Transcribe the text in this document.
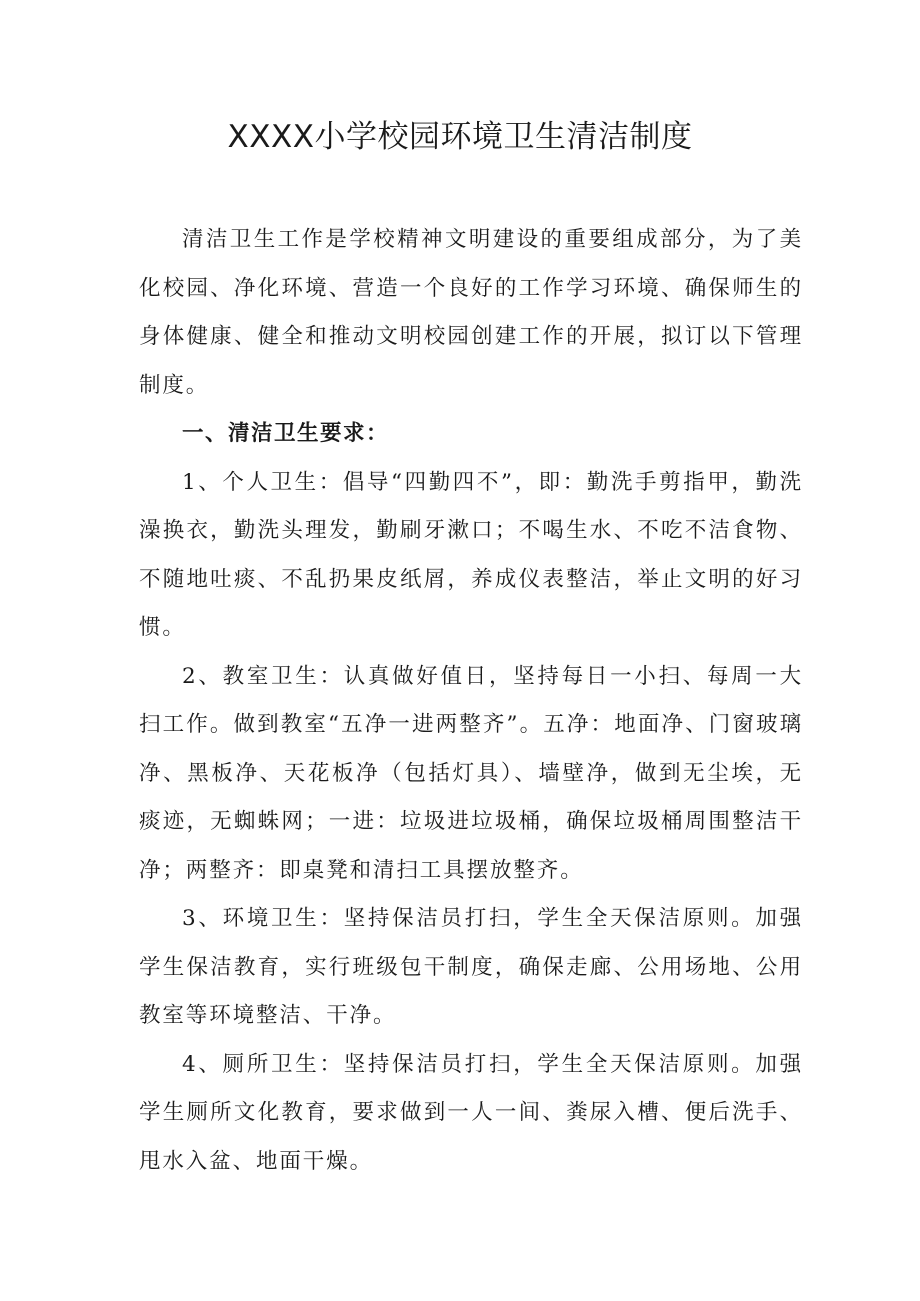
XXXX小学校园环境卫生清洁制度

清洁卫生工作是学校精神文明建设的重要组成部分，为了美化校园、净化环境、营造一个良好的工作学习环境、确保师生的身体健康、健全和推动文明校园创建工作的开展，拟订以下管理制度。

一、清洁卫生要求：

1、个人卫生：倡导“四勤四不”，即：勤洗手剪指甲，勤洗澡换衣，勤洗头理发，勤刷牙漱口；不喝生水、不吃不洁食物、不随地吐痰、不乱扔果皮纸屑，养成仪表整洁，举止文明的好习惯。

2、教室卫生：认真做好值日，坚持每日一小扫、每周一大扫工作。做到教室“五净一进两整齐”。五净：地面净、门窗玻璃净、黑板净、天花板净（包括灯具）、墙壁净，做到无尘埃，无痰迹，无蜘蛛网；一进：垃圾进垃圾桶，确保垃圾桶周围整洁干净；两整齐：即桌凳和清扫工具摆放整齐。

3、环境卫生：坚持保洁员打扫，学生全天保洁原则。加强学生保洁教育，实行班级包干制度，确保走廊、公用场地、公用教室等环境整洁、干净。

4、厕所卫生：坚持保洁员打扫，学生全天保洁原则。加强学生厕所文化教育，要求做到一人一间、粪尿入槽、便后洗手、甩水入盆、地面干燥。
